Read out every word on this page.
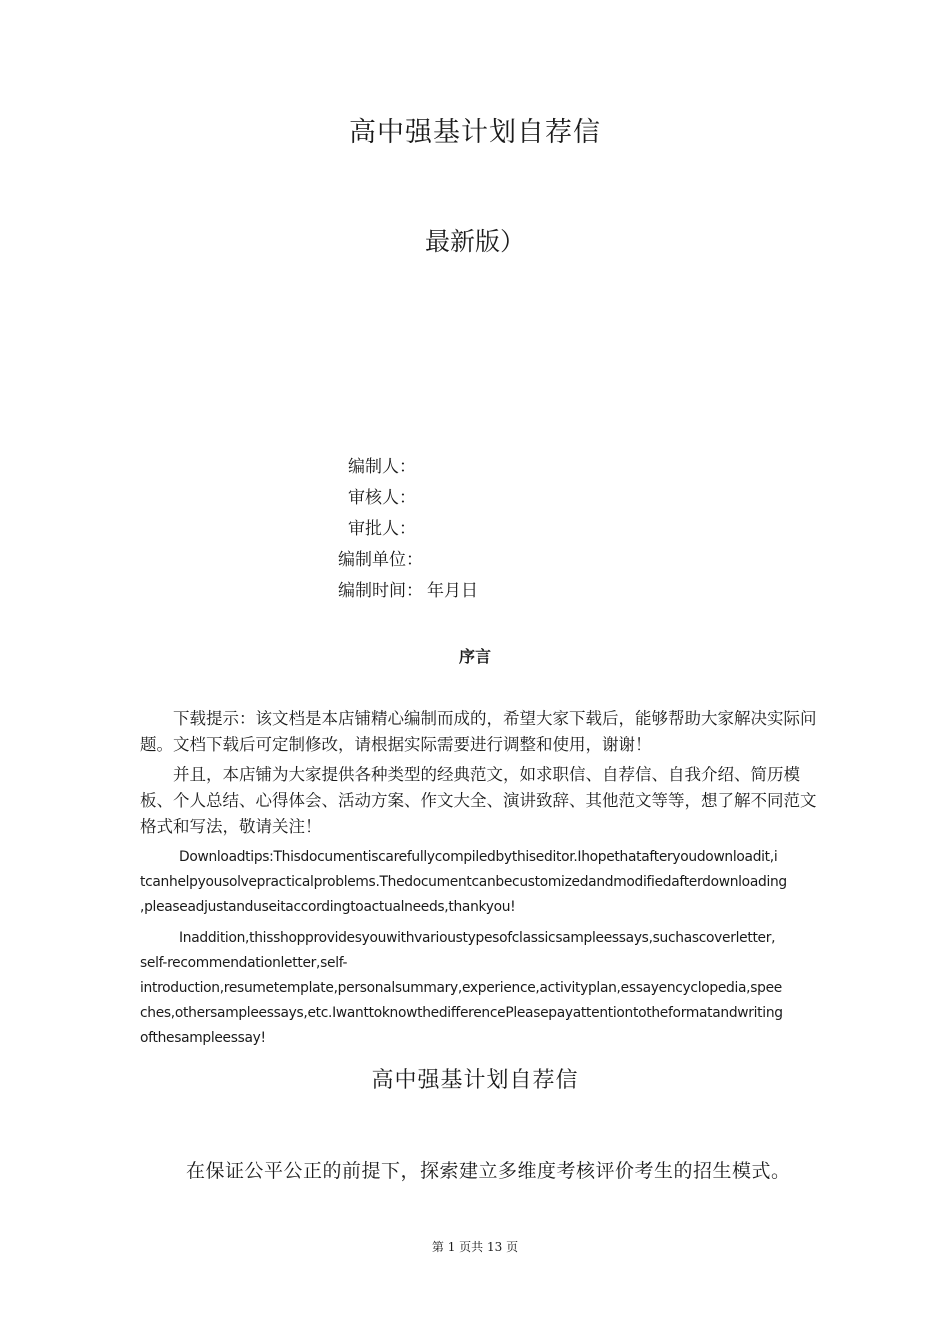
高中强基计划自荐信
最新版）
编制人：
审核人：
审批人：
编制单位：
编制时间： 年月日
序言

下载提示：该文档是本店铺精心编制而成的，希望大家下载后，能够帮助大家解决实际问题。文档下载后可定制修改，请根据实际需要进行调整和使用，谢谢！

并且，本店铺为大家提供各种类型的经典范文，如求职信、自荐信、自我介绍、简历模板、个人总结、心得体会、活动方案、作文大全、演讲致辞、其他范文等等，想了解不同范文格式和写法，敬请关注！

Downloadtips:Thisdocumentiscarefullycompiledbythiseditor.Ihopethatafteryoudownloadit,i
tcanhelpyousolvepracticalproblems.Thedocumentcanbecustomizedandmodifiedafterdownloading
,pleaseadjustanduseitaccordingtoactualneeds,thankyou!
Inaddition,thisshopprovidesyouwithvarioustypesofclassicsampleessays,suchascoverletter,
self-recommendationletter,self-
introduction,resumetemplate,personalsummary,experience,activityplan,essayencyclopedia,spee
ches,othersampleessays,etc.IwanttoknowthedifferencePleasepayattentiontotheformatandwriting
ofthesampleessay!
高中强基计划自荐信
在保证公平公正的前提下，探索建立多维度考核评价考生的招生模式。
第 1 页共 13 页
